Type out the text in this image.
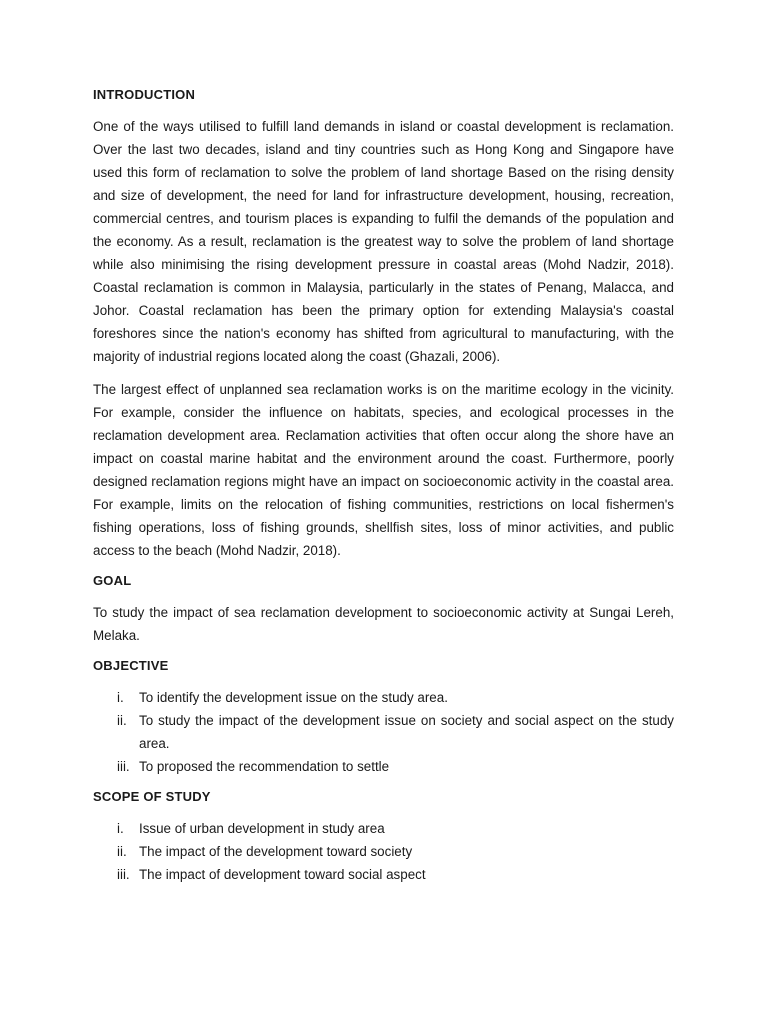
INTRODUCTION

One of the ways utilised to fulfill land demands in island or coastal development is reclamation. Over the last two decades, island and tiny countries such as Hong Kong and Singapore have used this form of reclamation to solve the problem of land shortage Based on the rising density and size of development, the need for land for infrastructure development, housing, recreation, commercial centres, and tourism places is expanding to fulfil the demands of the population and the economy. As a result, reclamation is the greatest way to solve the problem of land shortage while also minimising the rising development pressure in coastal areas (Mohd Nadzir, 2018). Coastal reclamation is common in Malaysia, particularly in the states of Penang, Malacca, and Johor. Coastal reclamation has been the primary option for extending Malaysia's coastal foreshores since the nation's economy has shifted from agricultural to manufacturing, with the majority of industrial regions located along the coast (Ghazali, 2006).

The largest effect of unplanned sea reclamation works is on the maritime ecology in the vicinity. For example, consider the influence on habitats, species, and ecological processes in the reclamation development area. Reclamation activities that often occur along the shore have an impact on coastal marine habitat and the environment around the coast. Furthermore, poorly designed reclamation regions might have an impact on socioeconomic activity in the coastal area. For example, limits on the relocation of fishing communities, restrictions on local fishermen's fishing operations, loss of fishing grounds, shellfish sites, loss of minor activities, and public access to the beach (Mohd Nadzir, 2018).

GOAL

To study the impact of sea reclamation development to socioeconomic activity at Sungai Lereh, Melaka.

OBJECTIVE
i.	To identify the development issue on the study area.
ii. To study the impact of the development issue on society and social aspect on the study area.
iii. To proposed the recommendation to settle
SCOPE OF STUDY
i.	Issue of urban development in study area
ii. The impact of the development toward society
iii. The impact of development toward social aspect
